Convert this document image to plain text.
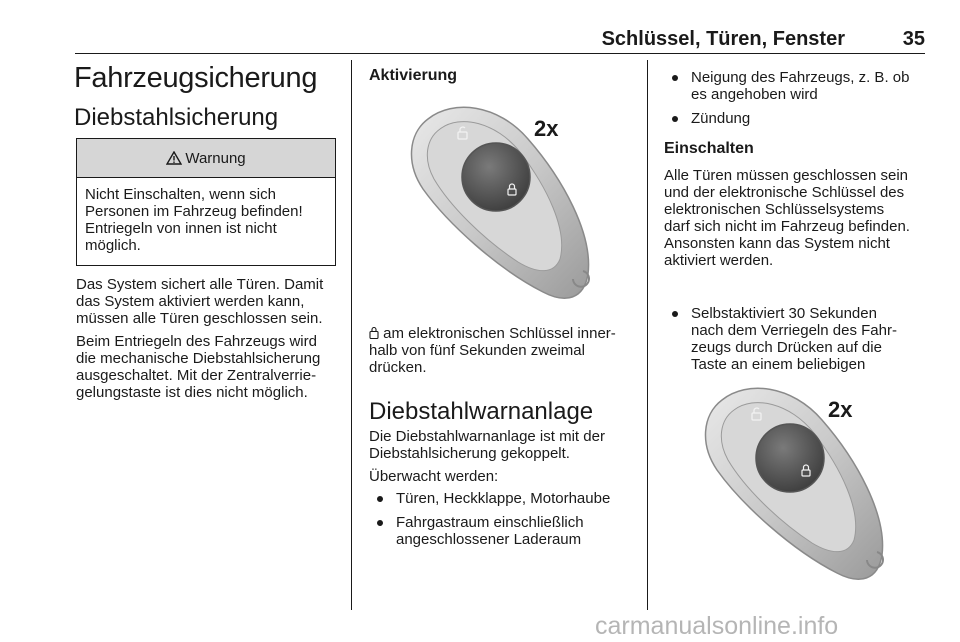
Schlüssel, Türen, Fenster	35
Fahrzeugsicherung
Diebstahlsicherung
Warnung
Nicht Einschalten, wenn sich
Personen im Fahrzeug befinden!
Entriegeln von innen ist nicht
möglich.
Das System sichert alle Türen. Damit
das System aktiviert werden kann,
müssen alle Türen geschlossen sein.
Beim Entriegeln des Fahrzeugs wird
die mechanische Diebstahlsicherung
ausgeschaltet. Mit der Zentralverrie-
gelungstaste ist dies nicht möglich.
Aktivierung
2x
am elektronischen Schlüssel inner-
halb von fünf Sekunden zweimal
drücken.
Diebstahlwarnanlage
Die Diebstahlwarnanlage ist mit der
Diebstahlsicherung gekoppelt.
Überwacht werden:
Türen, Heckklappe, Motorhaube
Fahrgastraum einschließlich
angeschlossener Laderaum
Neigung des Fahrzeugs, z. B. ob
es angehoben wird
Zündung
Einschalten
Alle Türen müssen geschlossen sein
und der elektronische Schlüssel des
elektronischen Schlüsselsystems
darf sich nicht im Fahrzeug befinden.
Ansonsten kann das System nicht
aktiviert werden.
Selbstaktiviert 30 Sekunden
nach dem Verriegeln des Fahr-
zeugs durch Drücken auf die
Taste an einem beliebigen
2x
carmanualsonline.info
